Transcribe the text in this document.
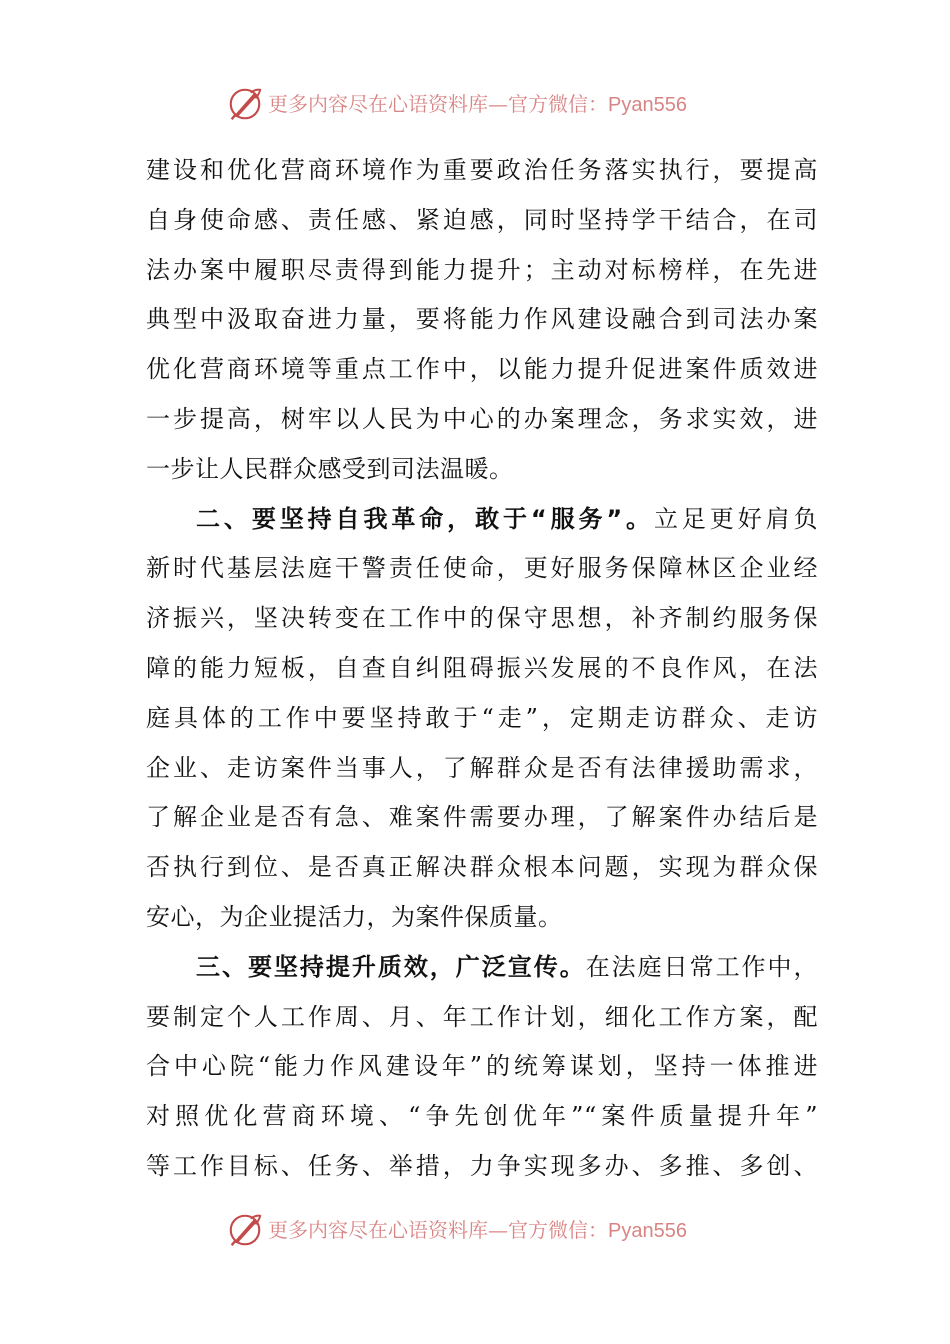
更多内容尽在心语资料库—官方微信：Pyan556
建设和优化营商环境作为重要政治任务落实执行，要提高
自身使命感、责任感、紧迫感，同时坚持学干结合，在司
法办案中履职尽责得到能力提升；主动对标榜样，在先进
典型中汲取奋进力量，要将能力作风建设融合到司法办案
优化营商环境等重点工作中，以能力提升促进案件质效进
一步提高，树牢以人民为中心的办案理念，务求实效，进
一步让人民群众感受到司法温暖。
二、要坚持自我革命，敢于“服务”。立足更好肩负
新时代基层法庭干警责任使命，更好服务保障林区企业经
济振兴，坚决转变在工作中的保守思想，补齐制约服务保
障的能力短板，自查自纠阻碍振兴发展的不良作风，在法
庭具体的工作中要坚持敢于“走”，定期走访群众、走访
企业、走访案件当事人，了解群众是否有法律援助需求，
了解企业是否有急、难案件需要办理，了解案件办结后是
否执行到位、是否真正解决群众根本问题，实现为群众保
安心，为企业提活力，为案件保质量。
三、要坚持提升质效，广泛宣传。在法庭日常工作中，
要制定个人工作周、月、年工作计划，细化工作方案，配
合中心院“能力作风建设年”的统筹谋划，坚持一体推进
对照优化营商环境、“争先创优年”“案件质量提升年”
等工作目标、任务、举措，力争实现多办、多推、多创、
更多内容尽在心语资料库—官方微信：Pyan556
